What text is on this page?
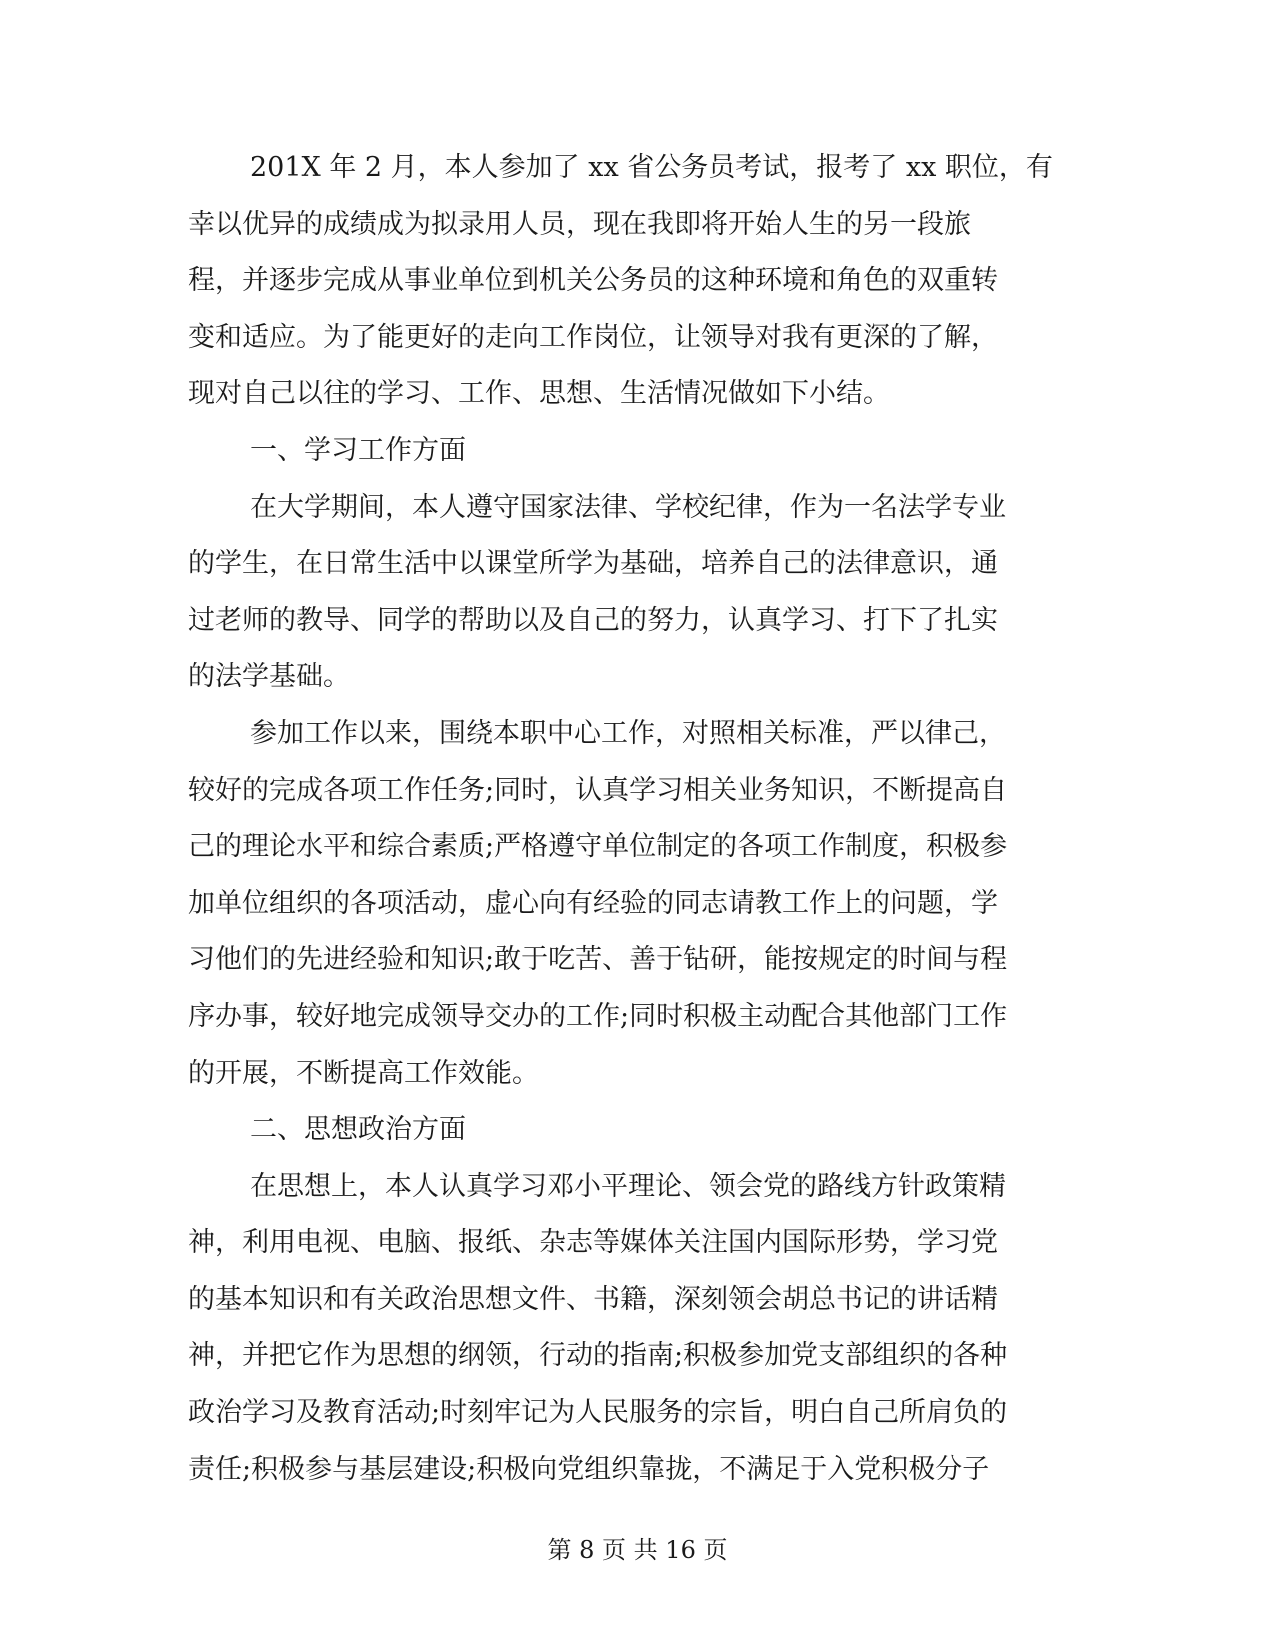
201X 年 2 月，本人参加了 xx 省公务员考试，报考了 xx 职位，有
幸以优异的成绩成为拟录用人员，现在我即将开始人生的另一段旅
程，并逐步完成从事业单位到机关公务员的这种环境和角色的双重转
变和适应。为了能更好的走向工作岗位，让领导对我有更深的了解，
现对自己以往的学习、工作、思想、生活情况做如下小结。
一、学习工作方面
在大学期间，本人遵守国家法律、学校纪律，作为一名法学专业
的学生，在日常生活中以课堂所学为基础，培养自己的法律意识，通
过老师的教导、同学的帮助以及自己的努力，认真学习、打下了扎实
的法学基础。
参加工作以来，围绕本职中心工作，对照相关标准，严以律己，
较好的完成各项工作任务;同时，认真学习相关业务知识，不断提高自
己的理论水平和综合素质;严格遵守单位制定的各项工作制度，积极参
加单位组织的各项活动，虚心向有经验的同志请教工作上的问题，学
习他们的先进经验和知识;敢于吃苦、善于钻研，能按规定的时间与程
序办事，较好地完成领导交办的工作;同时积极主动配合其他部门工作
的开展，不断提高工作效能。
二、思想政治方面
在思想上，本人认真学习邓小平理论、领会党的路线方针政策精
神，利用电视、电脑、报纸、杂志等媒体关注国内国际形势，学习党
的基本知识和有关政治思想文件、书籍，深刻领会胡总书记的讲话精
神，并把它作为思想的纲领，行动的指南;积极参加党支部组织的各种
政治学习及教育活动;时刻牢记为人民服务的宗旨，明白自己所肩负的
责任;积极参与基层建设;积极向党组织靠拢，不满足于入党积极分子
第 8 页 共 16 页
